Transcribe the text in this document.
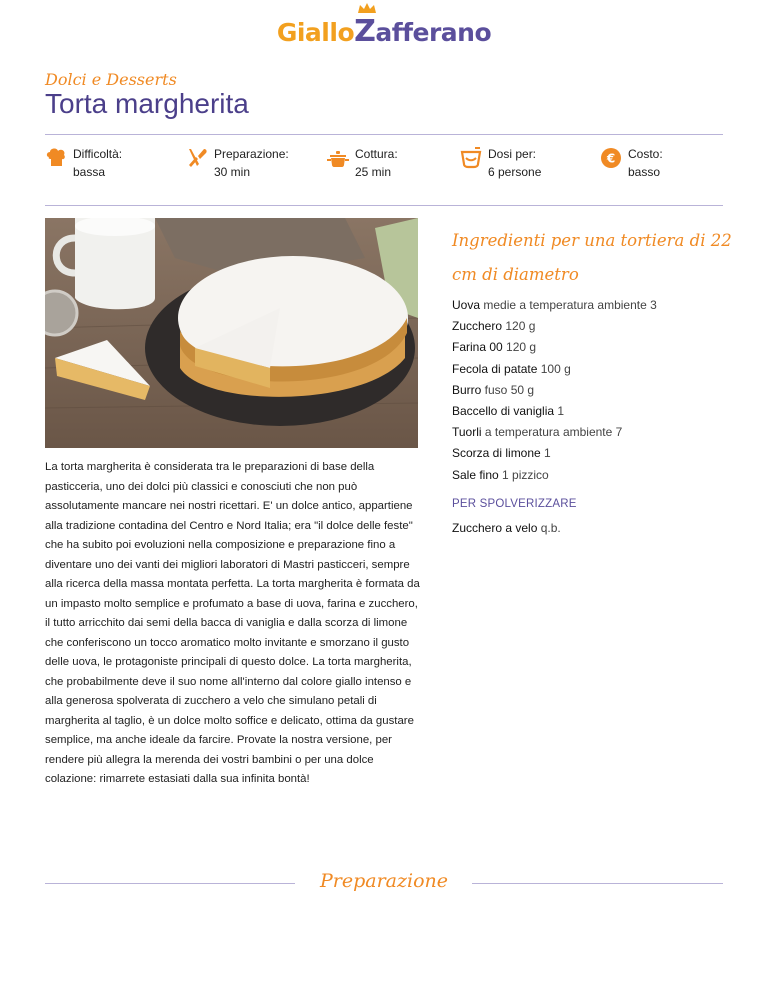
Giallo
Zafferano
Dolci e Desserts
Torta margherita
Difficoltà:
bassa
Preparazione:
30 min
Cottura:
25 min
Dosi per:
6 persone
€ Costo:
basso

La torta margherita è considerata tra le preparazioni di base della pasticceria, uno dei dolci più classici e conosciuti che non può assolutamente mancare nei nostri ricettari. E' un dolce antico, appartiene alla tradizione contadina del Centro e Nord Italia; era "il dolce delle feste" che ha subito poi evoluzioni nella composizione e preparazione fino a diventare uno dei vanti dei migliori laboratori di Mastri pasticceri, sempre alla ricerca della massa montata perfetta. La torta margherita è formata da un impasto molto semplice e profumato a base di uova, farina e zucchero, il tutto arricchito dai semi della bacca di vaniglia e dalla scorza di limone che conferiscono un tocco aromatico molto invitante e smorzano il gusto delle uova, le protagoniste principali di questo dolce. La torta margherita, che probabilmente deve il suo nome all'interno dal colore giallo intenso e alla generosa spolverata di zucchero a velo che simulano petali di margherita al taglio, è un dolce molto soffice e delicato, ottima da gustare semplice, ma anche ideale da farcire. Provate la nostra versione, per rendere più allegra la merenda dei vostri bambini o per una dolce colazione: rimarrete estasiati dalla sua infinita bontà!

Ingredienti per una tortiera di 22 cm di diametro
Uova medie a temperatura ambiente 3
Zucchero 120 g
Farina 00 120 g
Fecola di patate 100 g
Burro fuso 50 g
Baccello di vaniglia 1
Tuorli a temperatura ambiente 7
Scorza di limone 1
Sale fino 1 pizzico
PER SPOLVERIZZARE
Zucchero a velo q.b.
Preparazione
